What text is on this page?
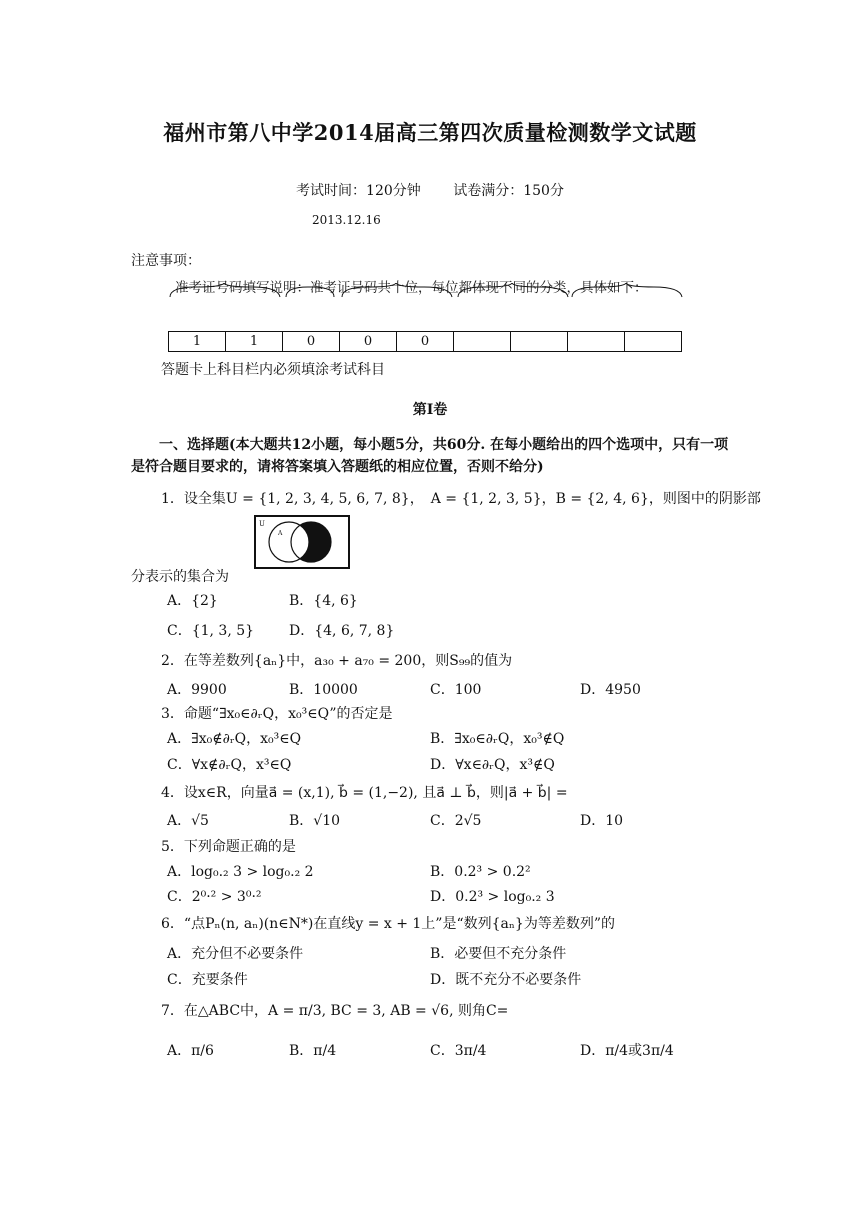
福州市第八中学2014届高三第四次质量检测数学文试题
考试时间：120分钟 试卷满分：150分
2013.12.16
注意事项：
准考证号码填写说明：准考证号码共十位，每位都体现不同的分类，具体如下：
1	1	0	0	0				
答题卡上科目栏内必须填涂考试科目
第I卷
一、选择题(本大题共12小题，每小题5分，共60分. 在每小题给出的四个选项中，只有一项是符合题目要求的，请将答案填入答题纸的相应位置，否则不给分)
1．设全集U = {1, 2, 3, 4, 5, 6, 7, 8}，　A = {1, 2, 3, 5}，B = {2, 4, 6}，则图中的阴影部
U
A
分表示的集合为
A．{2}	B．{4, 6}
C．{1, 3, 5} D．{4, 6, 7, 8}
2．在等差数列{aₙ}中，a₃₀ + a₇₀ = 200，则S₉₉的值为
A．9900	B．10000	C．100	D．4950
3．命题“∃x₀∈∂ᵣQ，x₀³∈Q”的否定是
A．∃x₀∉∂ᵣQ，x₀³∈Q	B．∃x₀∈∂ᵣQ，x₀³∉Q
C．∀x∉∂ᵣQ，x³∈Q	D．∀x∈∂ᵣQ，x³∉Q
4．设x∈R，向量a⃗ = (x,1), b⃗ = (1,−2), 且a⃗ ⊥ b⃗，则|a⃗ + b⃗| =
A．√5	B．√10	C．2√5	D．10
5．下列命题正确的是
A．log₀.₂ 3 > log₀.₂ 2	B．0.2³ > 0.2²
C．2⁰·² > 3⁰·²	D．0.2³ > log₀.₂ 3
6．“点Pₙ(n, aₙ)(n∈N*)在直线y = x + 1上”是“数列{aₙ}为等差数列”的
A．充分但不必要条件	B．必要但不充分条件
C．充要条件	D．既不充分不必要条件
7．在△ABC中，A = π/3, BC = 3, AB = √6, 则角C=
A．π/6	B．π/4	C．3π/4	D．π/4或3π/4
